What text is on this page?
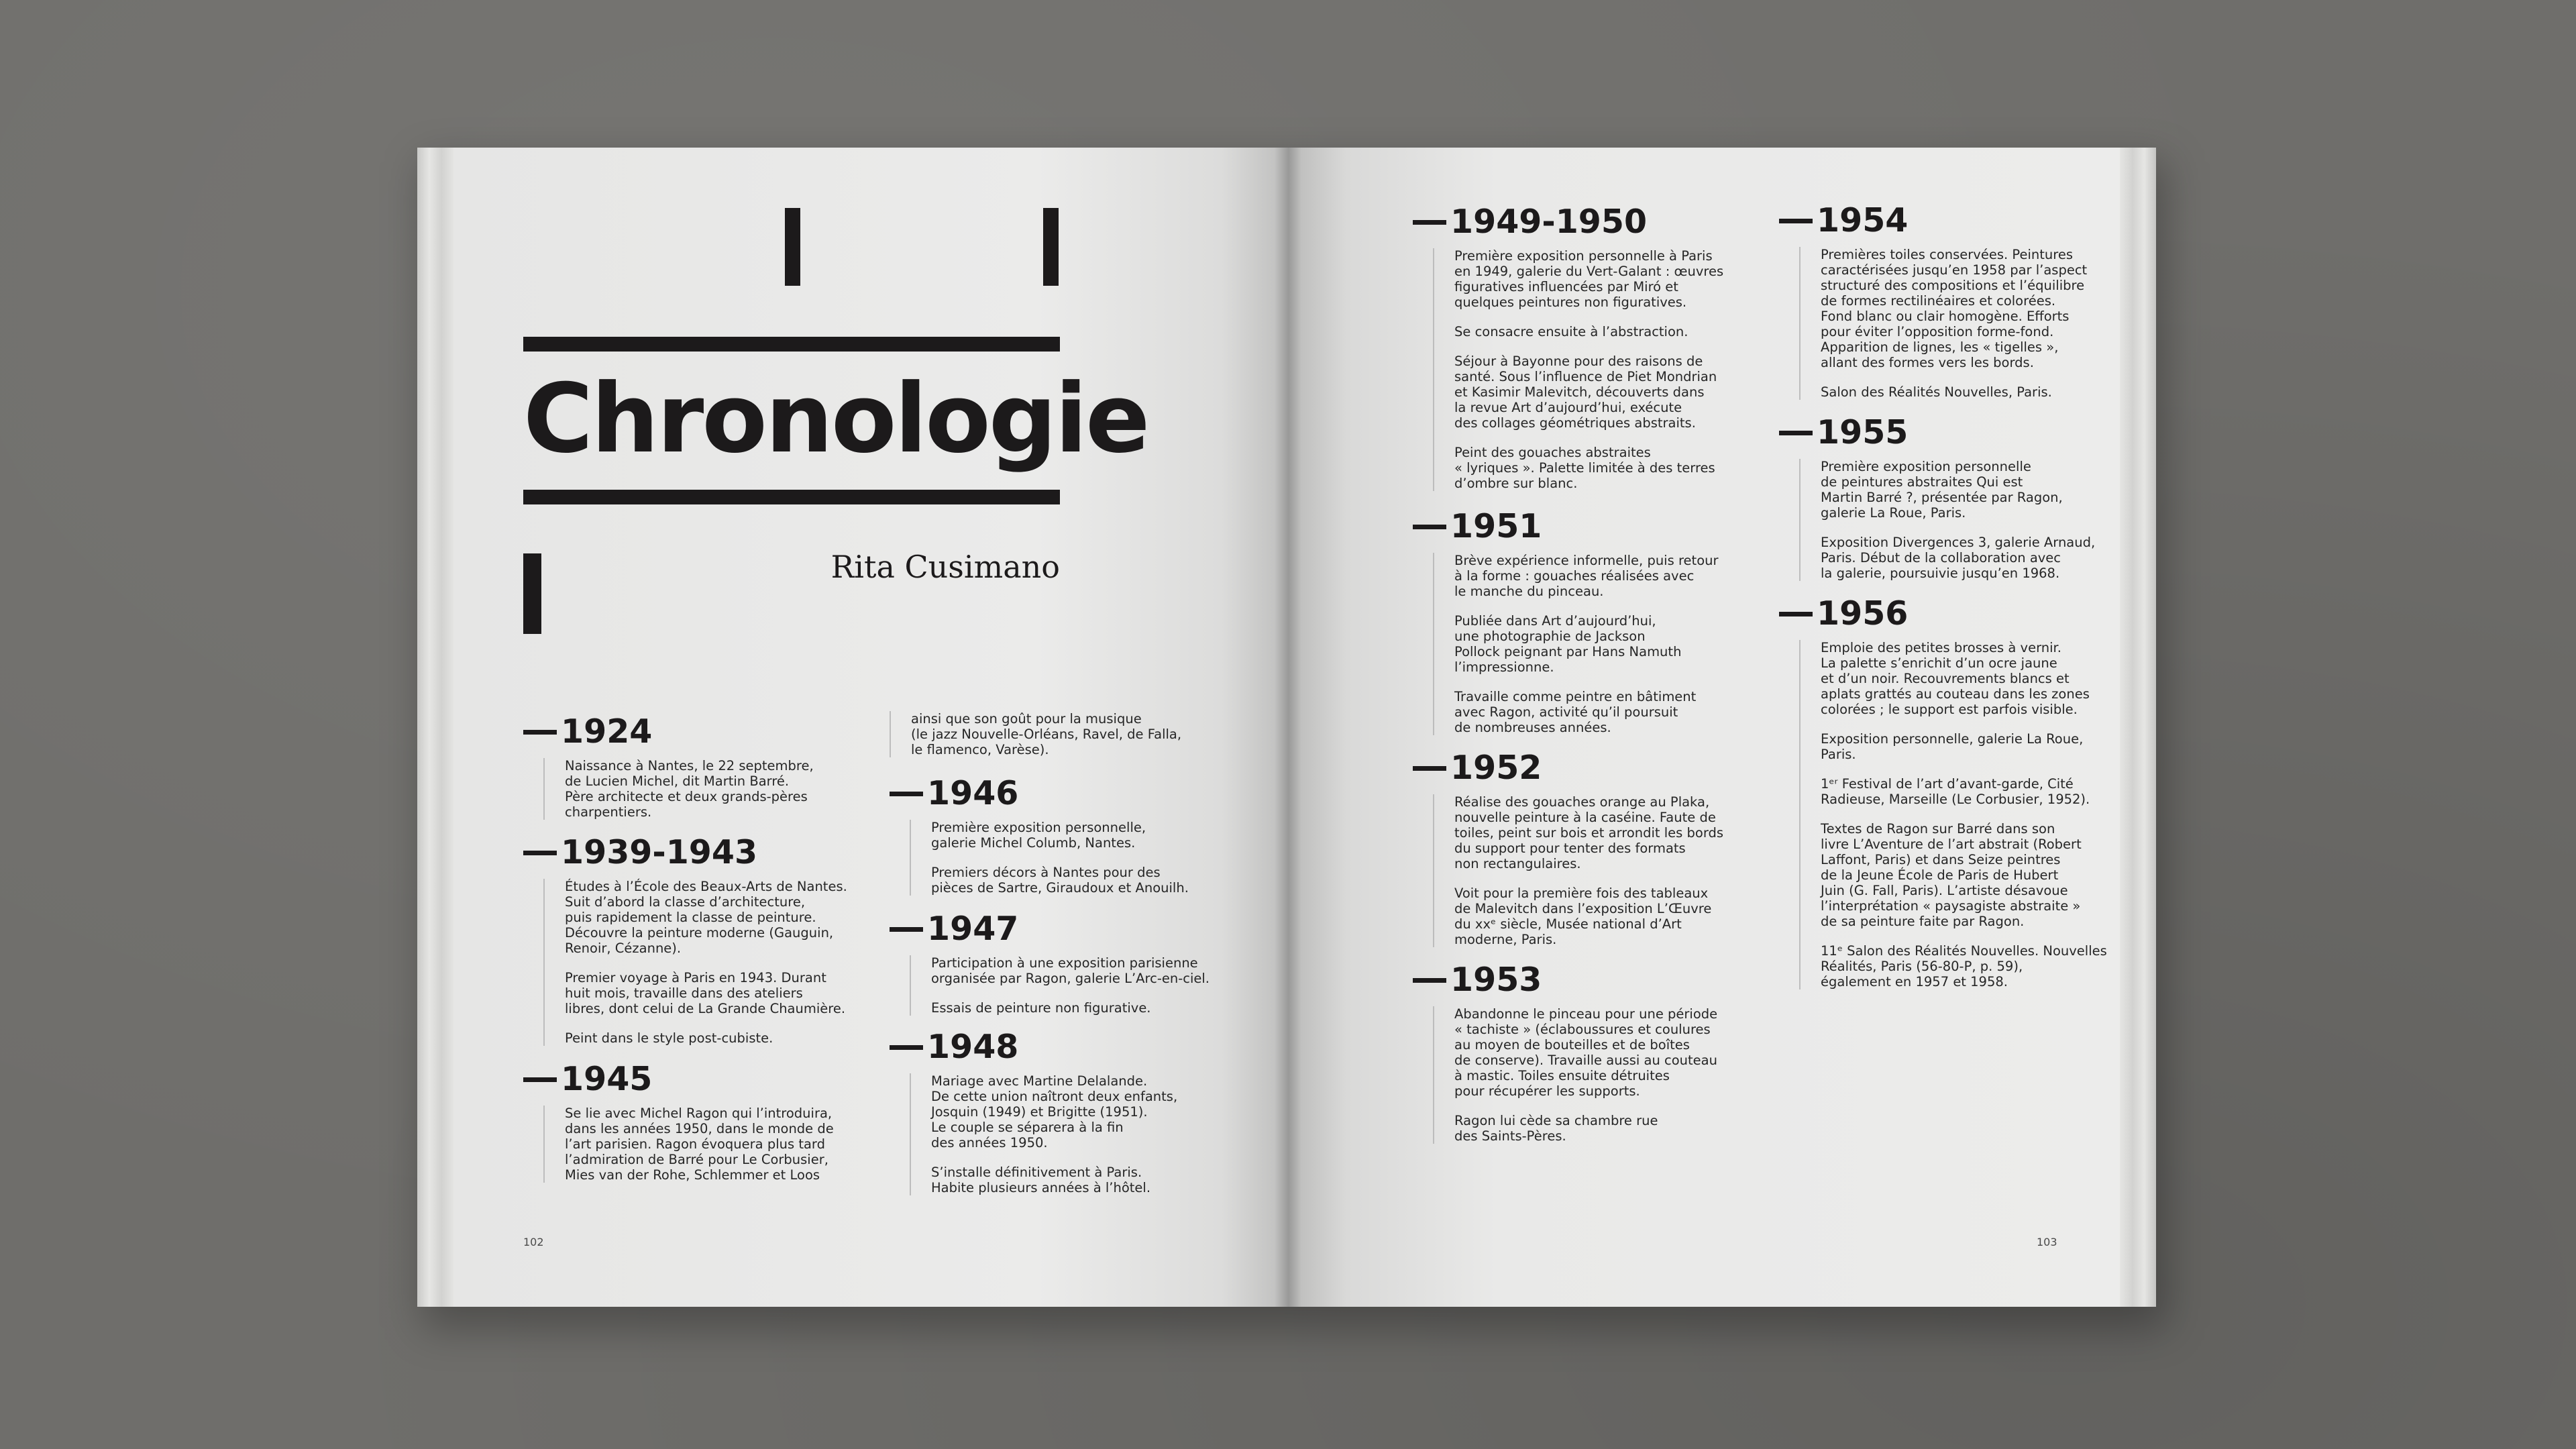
Chronologie
Rita Cusimano
1924

Naissance à Nantes, le 22 septembre,
de Lucien Michel, dit Martin Barré.
Père architecte et deux grands-pères
charpentiers.

1939-1943

Études à l’École des Beaux-Arts de Nantes.
Suit d’abord la classe d’architecture,
puis rapidement la classe de peinture.
Découvre la peinture moderne (Gauguin,
Renoir, Cézanne).

Premier voyage à Paris en 1943. Durant
huit mois, travaille dans des ateliers
libres, dont celui de La Grande Chaumière.

Peint dans le style post-cubiste.

1945

Se lie avec Michel Ragon qui l’introduira,
dans les années 1950, dans le monde de
l’art parisien. Ragon évoquera plus tard
l’admiration de Barré pour Le Corbusier,
Mies van der Rohe, Schlemmer et Loos

ainsi que son goût pour la musique
(le jazz Nouvelle-Orléans, Ravel, de Falla,
le flamenco, Varèse).
1946

Première exposition personnelle,
galerie Michel Columb, Nantes.

Premiers décors à Nantes pour des
pièces de Sartre, Giraudoux et Anouilh.

1947

Participation à une exposition parisienne
organisée par Ragon, galerie L’Arc-en-ciel.

Essais de peinture non figurative.

1948

Mariage avec Martine Delalande.
De cette union naîtront deux enfants,
Josquin (1949) et Brigitte (1951).
Le couple se séparera à la fin
des années 1950.

S’installe définitivement à Paris.
Habite plusieurs années à l’hôtel.

102
1949-1950

Première exposition personnelle à Paris
en 1949, galerie du Vert-Galant : œuvres
figuratives influencées par Miró et
quelques peintures non figuratives.

Se consacre ensuite à l’abstraction.

Séjour à Bayonne pour des raisons de
santé. Sous l’influence de Piet Mondrian
et Kasimir Malevitch, découverts dans
la revue Art d’aujourd’hui, exécute
des collages géométriques abstraits.

Peint des gouaches abstraites
« lyriques ». Palette limitée à des terres
d’ombre sur blanc.

1951

Brève expérience informelle, puis retour
à la forme : gouaches réalisées avec
le manche du pinceau.

Publiée dans Art d’aujourd’hui,
une photographie de Jackson
Pollock peignant par Hans Namuth
l’impressionne.

Travaille comme peintre en bâtiment
avec Ragon, activité qu’il poursuit
de nombreuses années.

1952

Réalise des gouaches orange au Plaka,
nouvelle peinture à la caséine. Faute de
toiles, peint sur bois et arrondit les bords
du support pour tenter des formats
non rectangulaires.

Voit pour la première fois des tableaux
de Malevitch dans l’exposition L’Œuvre
du xxᵉ siècle, Musée national d’Art
moderne, Paris.

1953

Abandonne le pinceau pour une période
« tachiste » (éclaboussures et coulures
au moyen de bouteilles et de boîtes
de conserve). Travaille aussi au couteau
à mastic. Toiles ensuite détruites
pour récupérer les supports.

Ragon lui cède sa chambre rue
des Saints-Pères.

1954

Premières toiles conservées. Peintures
caractérisées jusqu’en 1958 par l’aspect
structuré des compositions et l’équilibre
de formes rectilinéaires et colorées.
Fond blanc ou clair homogène. Efforts
pour éviter l’opposition forme-fond.
Apparition de lignes, les « tigelles »,
allant des formes vers les bords.

Salon des Réalités Nouvelles, Paris.

1955

Première exposition personnelle
de peintures abstraites Qui est
Martin Barré ?, présentée par Ragon,
galerie La Roue, Paris.

Exposition Divergences 3, galerie Arnaud,
Paris. Début de la collaboration avec
la galerie, poursuivie jusqu’en 1968.

1956

Emploie des petites brosses à vernir.
La palette s’enrichit d’un ocre jaune
et d’un noir. Recouvrements blancs et
aplats grattés au couteau dans les zones
colorées ; le support est parfois visible.

Exposition personnelle, galerie La Roue,
Paris.

1ᵉʳ Festival de l’art d’avant-garde, Cité
Radieuse, Marseille (Le Corbusier, 1952).

Textes de Ragon sur Barré dans son
livre L’Aventure de l’art abstrait (Robert
Laffont, Paris) et dans Seize peintres
de la Jeune École de Paris de Hubert
Juin (G. Fall, Paris). L’artiste désavoue
l’interprétation « paysagiste abstraite »
de sa peinture faite par Ragon.

11ᵉ Salon des Réalités Nouvelles. Nouvelles
Réalités, Paris (56-80-P, p. 59),
également en 1957 et 1958.

103
